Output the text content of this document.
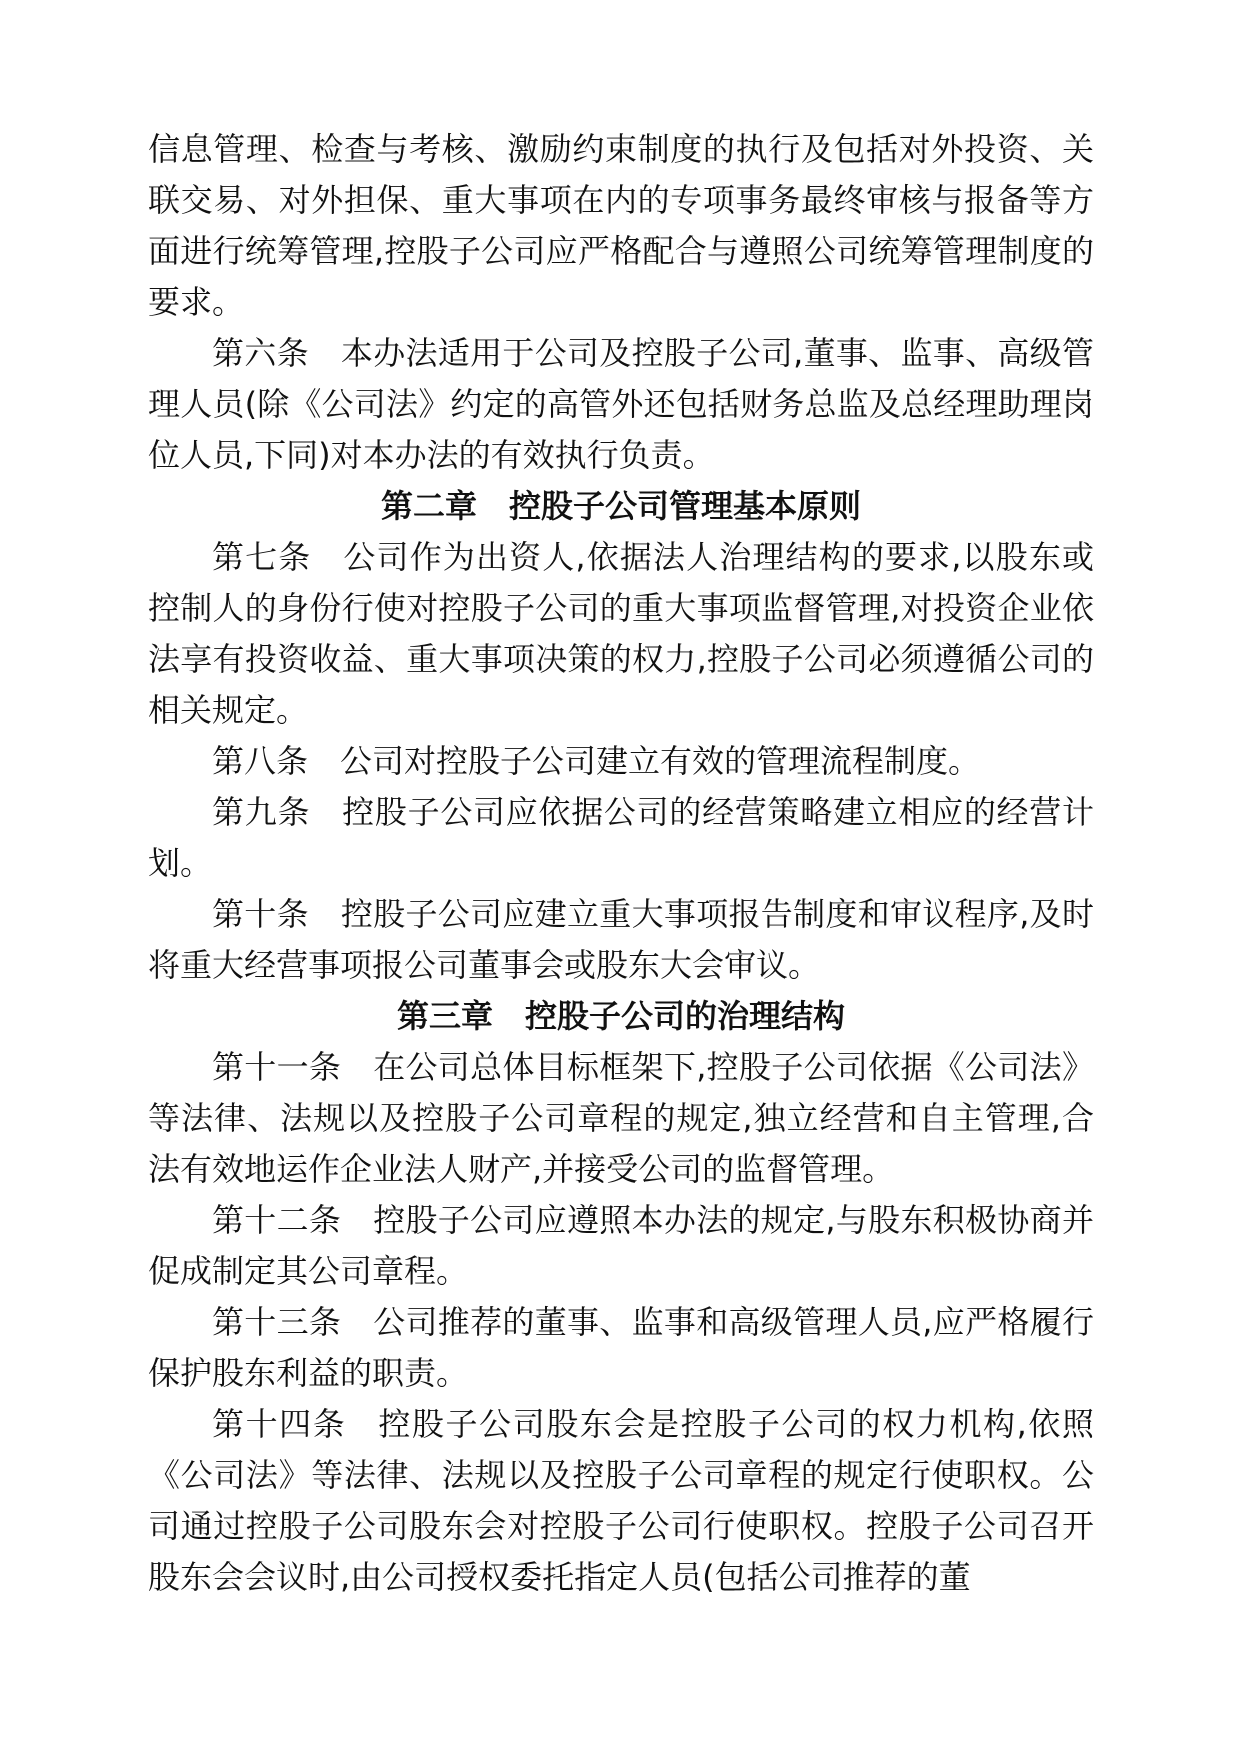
信息管理、检查与考核、激励约束制度的执行及包括对外投资、关联交易、对外担保、重大事项在内的专项事务最终审核与报备等方面进行统筹管理,控股子公司应严格配合与遵照公司统筹管理制度的要求。

第六条 本办法适用于公司及控股子公司,董事、监事、高级管理人员(除《公司法》约定的高管外还包括财务总监及总经理助理岗位人员,下同)对本办法的有效执行负责。

第二章 控股子公司管理基本原则

第七条 公司作为出资人,依据法人治理结构的要求,以股东或控制人的身份行使对控股子公司的重大事项监督管理,对投资企业依法享有投资收益、重大事项决策的权力,控股子公司必须遵循公司的相关规定。

第八条 公司对控股子公司建立有效的管理流程制度。

第九条 控股子公司应依据公司的经营策略建立相应的经营计划。

第十条 控股子公司应建立重大事项报告制度和审议程序,及时将重大经营事项报公司董事会或股东大会审议。

第三章 控股子公司的治理结构

第十一条 在公司总体目标框架下,控股子公司依据《公司法》等法律、法规以及控股子公司章程的规定,独立经营和自主管理,合法有效地运作企业法人财产,并接受公司的监督管理。

第十二条 控股子公司应遵照本办法的规定,与股东积极协商并促成制定其公司章程。

第十三条 公司推荐的董事、监事和高级管理人员,应严格履行保护股东利益的职责。

第十四条 控股子公司股东会是控股子公司的权力机构,依照《公司法》等法律、法规以及控股子公司章程的规定行使职权。公司通过控股子公司股东会对控股子公司行使职权。控股子公司召开股东会会议时,由公司授权委托指定人员(包括公司推荐的董
